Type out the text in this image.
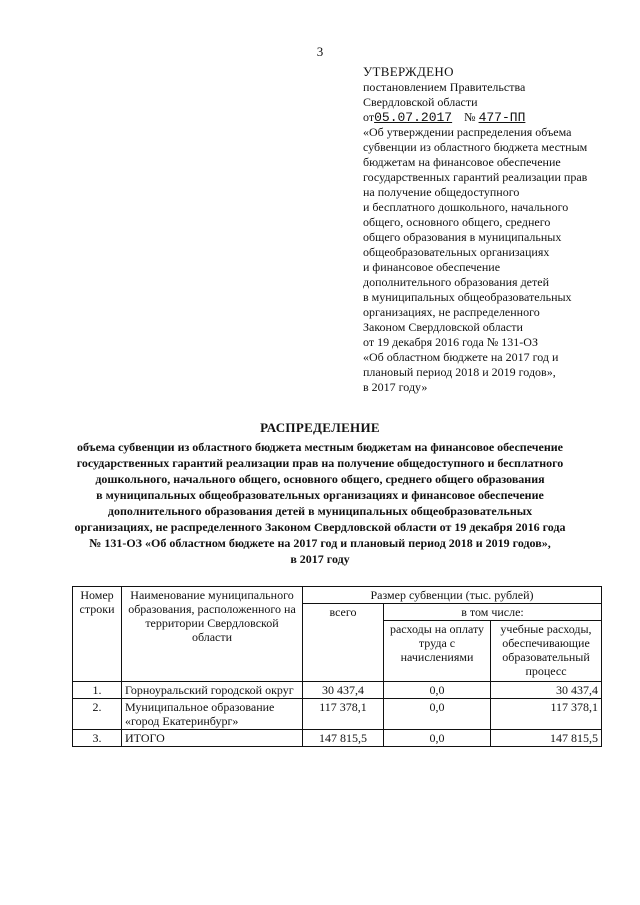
3
УТВЕРЖДЕНО
постановлением Правительства
Свердловской области
от05.07.2017 № 477-ПП
«Об утверждении распределения объема
субвенции из областного бюджета местным
бюджетам на финансовое обеспечение
государственных гарантий реализации прав
на получение общедоступного
и бесплатного дошкольного, начального
общего, основного общего, среднего
общего образования в муниципальных
общеобразовательных организациях
и финансовое обеспечение
дополнительного образования детей
в муниципальных общеобразовательных
организациях, не распределенного
Законом Свердловской области
от 19 декабря 2016 года № 131-ОЗ
«Об областном бюджете на 2017 год и
плановый период 2018 и 2019 годов»,
в 2017 году»
РАСПРЕДЕЛЕНИЕ
объема субвенции из областного бюджета местным бюджетам на финансовое обеспечение
государственных гарантий реализации прав на получение общедоступного и бесплатного
дошкольного, начального общего, основного общего, среднего общего образования
в муниципальных общеобразовательных организациях и финансовое обеспечение
дополнительного образования детей в муниципальных общеобразовательных
организациях, не распределенного Законом Свердловской области от 19 декабря 2016 года
№ 131-ОЗ «Об областном бюджете на 2017 год и плановый период 2018 и 2019 годов»,
в 2017 году
Номер строки	Наименование муниципального образования, расположенного на территории Свердловской области	Размер субвенции (тыс. рублей)		
		всего	в том числе:	
			расходы на оплату труда с начислениями	учебные расходы, обеспечивающие образовательный процесс
1.	Горноуральский городской округ	30 437,4	0,0	30 437,4
2.	Муниципальное образование «город Екатеринбург»	117 378,1	0,0	117 378,1
3.	ИТОГО	147 815,5	0,0	147 815,5
